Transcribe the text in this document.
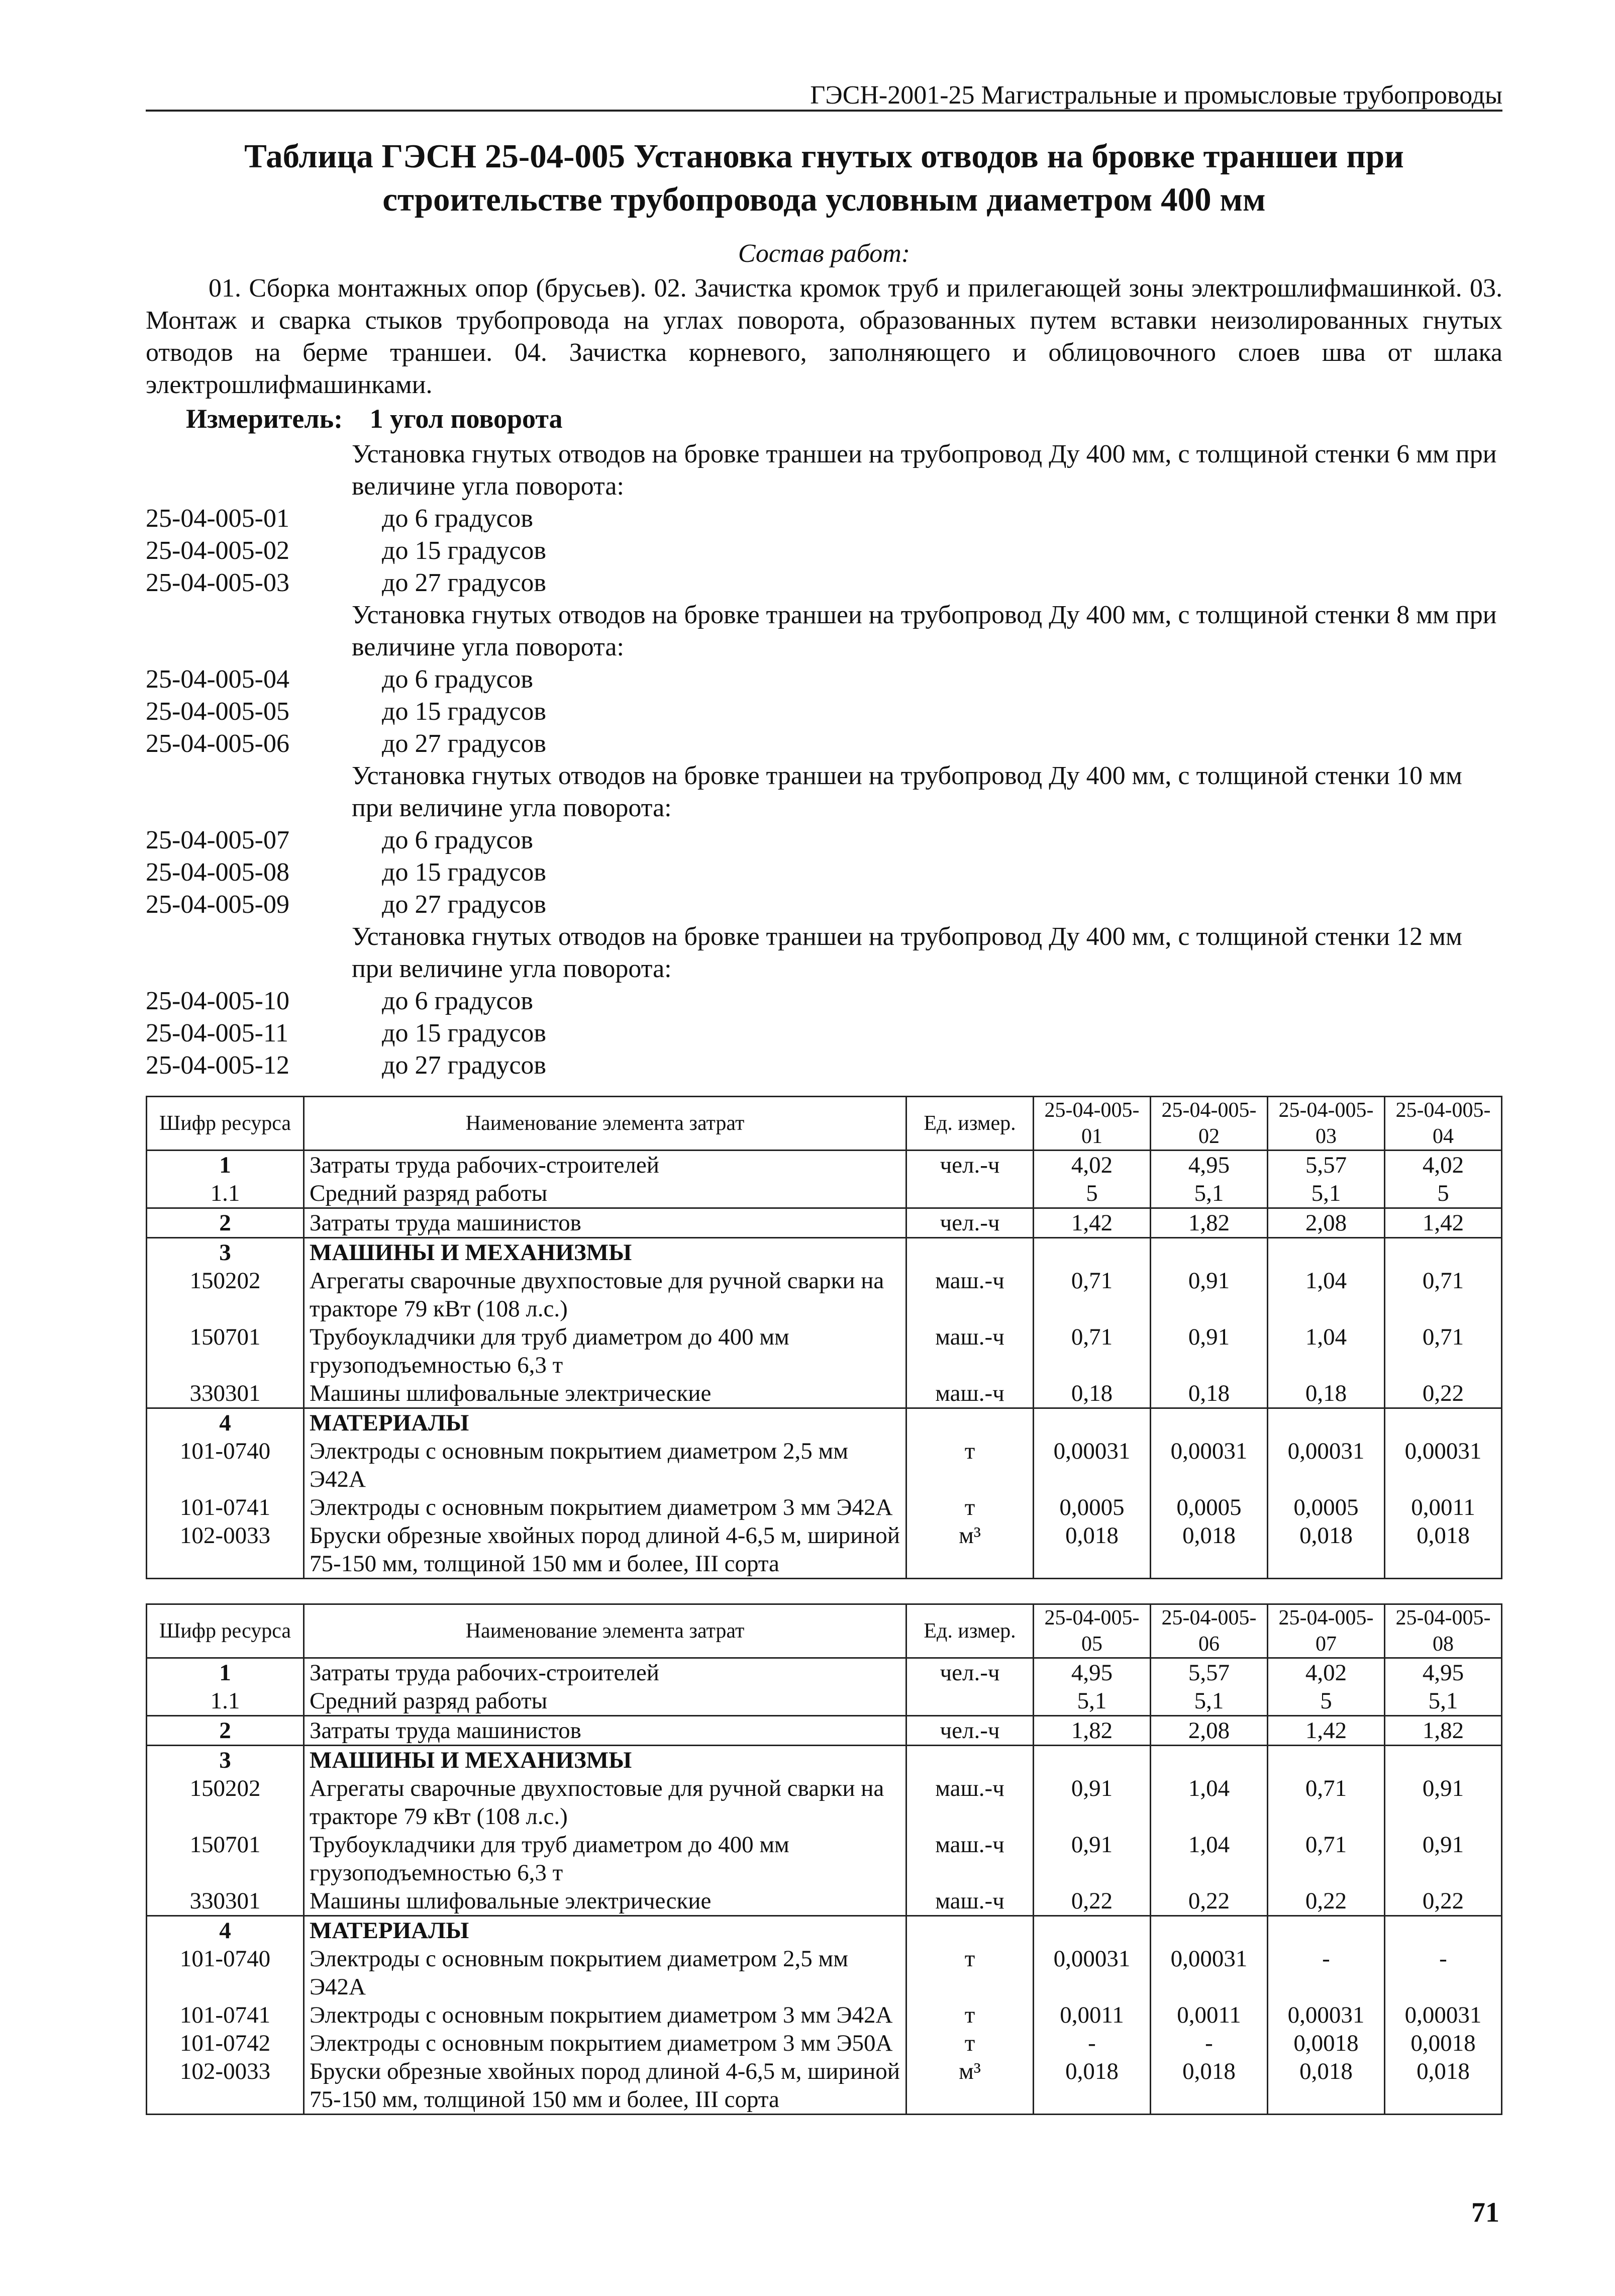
ГЭСН-2001-25 Магистральные и промысловые трубопроводы
Таблица ГЭСН 25-04-005 Установка гнутых отводов на бровке траншеи при строительстве трубопровода условным диаметром 400 мм
Состав работ:
01. Сборка монтажных опор (брусьев). 02. Зачистка кромок труб и прилегающей зоны электрошлифмашинкой. 03. Монтаж и сварка стыков трубопровода на углах поворота, образованных путем вставки неизолированных гнутых отводов на берме траншеи. 04. Зачистка корневого, заполняющего и облицовочного слоев шва от шлака электрошлифмашинками.
Измеритель: 1 угол поворота
Установка гнутых отводов на бровке траншеи на трубопровод Ду 400 мм, с толщиной стенки 6 мм при величине угла поворота:
25-04-005-01	до 6 градусов
25-04-005-02	до 15 градусов
25-04-005-03	до 27 градусов
Установка гнутых отводов на бровке траншеи на трубопровод Ду 400 мм, с толщиной стенки 8 мм при величине угла поворота:
25-04-005-04	до 6 градусов
25-04-005-05	до 15 градусов
25-04-005-06	до 27 градусов
Установка гнутых отводов на бровке траншеи на трубопровод Ду 400 мм, с толщиной стенки 10 мм при величине угла поворота:
25-04-005-07	до 6 градусов
25-04-005-08	до 15 градусов
25-04-005-09	до 27 градусов
Установка гнутых отводов на бровке траншеи на трубопровод Ду 400 мм, с толщиной стенки 12 мм при величине угла поворота:
25-04-005-10	до 6 градусов
25-04-005-11	до 15 градусов
25-04-005-12	до 27 градусов
Шифр ресурса	Наименование элемента затрат	Ед. измер.	25-04-005-01	25-04-005-02	25-04-005-03	25-04-005-04
1	Затраты труда рабочих-строителей	чел.-ч	4,02	4,95	5,57	4,02
1.1	Средний разряд работы		5	5,1	5,1	5
2	Затраты труда машинистов	чел.-ч	1,42	1,82	2,08	1,42
3	МАШИНЫ И МЕХАНИЗМЫ					
150202	Агрегаты сварочные двухпостовые для ручной сварки на тракторе 79 кВт (108 л.с.)	маш.-ч	0,71	0,91	1,04	0,71
150701	Трубоукладчики для труб диаметром до 400 мм грузоподъемностью 6,3 т	маш.-ч	0,71	0,91	1,04	0,71
330301	Машины шлифовальные электрические	маш.-ч	0,18	0,18	0,18	0,22
4	МАТЕРИАЛЫ					
101-0740	Электроды с основным покрытием диаметром 2,5 мм Э42А	т	0,00031	0,00031	0,00031	0,00031
101-0741	Электроды с основным покрытием диаметром 3 мм Э42А	т	0,0005	0,0005	0,0005	0,0011
102-0033	Бруски обрезные хвойных пород длиной 4-6,5 м, шириной 75-150 мм, толщиной 150 мм и более, III сорта	м³	0,018	0,018	0,018	0,018
Шифр ресурса	Наименование элемента затрат	Ед. измер.	25-04-005-05	25-04-005-06	25-04-005-07	25-04-005-08
1	Затраты труда рабочих-строителей	чел.-ч	4,95	5,57	4,02	4,95
1.1	Средний разряд работы		5,1	5,1	5	5,1
2	Затраты труда машинистов	чел.-ч	1,82	2,08	1,42	1,82
3	МАШИНЫ И МЕХАНИЗМЫ					
150202	Агрегаты сварочные двухпостовые для ручной сварки на тракторе 79 кВт (108 л.с.)	маш.-ч	0,91	1,04	0,71	0,91
150701	Трубоукладчики для труб диаметром до 400 мм грузоподъемностью 6,3 т	маш.-ч	0,91	1,04	0,71	0,91
330301	Машины шлифовальные электрические	маш.-ч	0,22	0,22	0,22	0,22
4	МАТЕРИАЛЫ					
101-0740	Электроды с основным покрытием диаметром 2,5 мм Э42А	т	0,00031	0,00031	-	-
101-0741	Электроды с основным покрытием диаметром 3 мм Э42А	т	0,0011	0,0011	0,00031	0,00031
101-0742	Электроды с основным покрытием диаметром 3 мм Э50А	т	-	-	0,0018	0,0018
102-0033	Бруски обрезные хвойных пород длиной 4-6,5 м, шириной 75-150 мм, толщиной 150 мм и более, III сорта	м³	0,018	0,018	0,018	0,018
71
